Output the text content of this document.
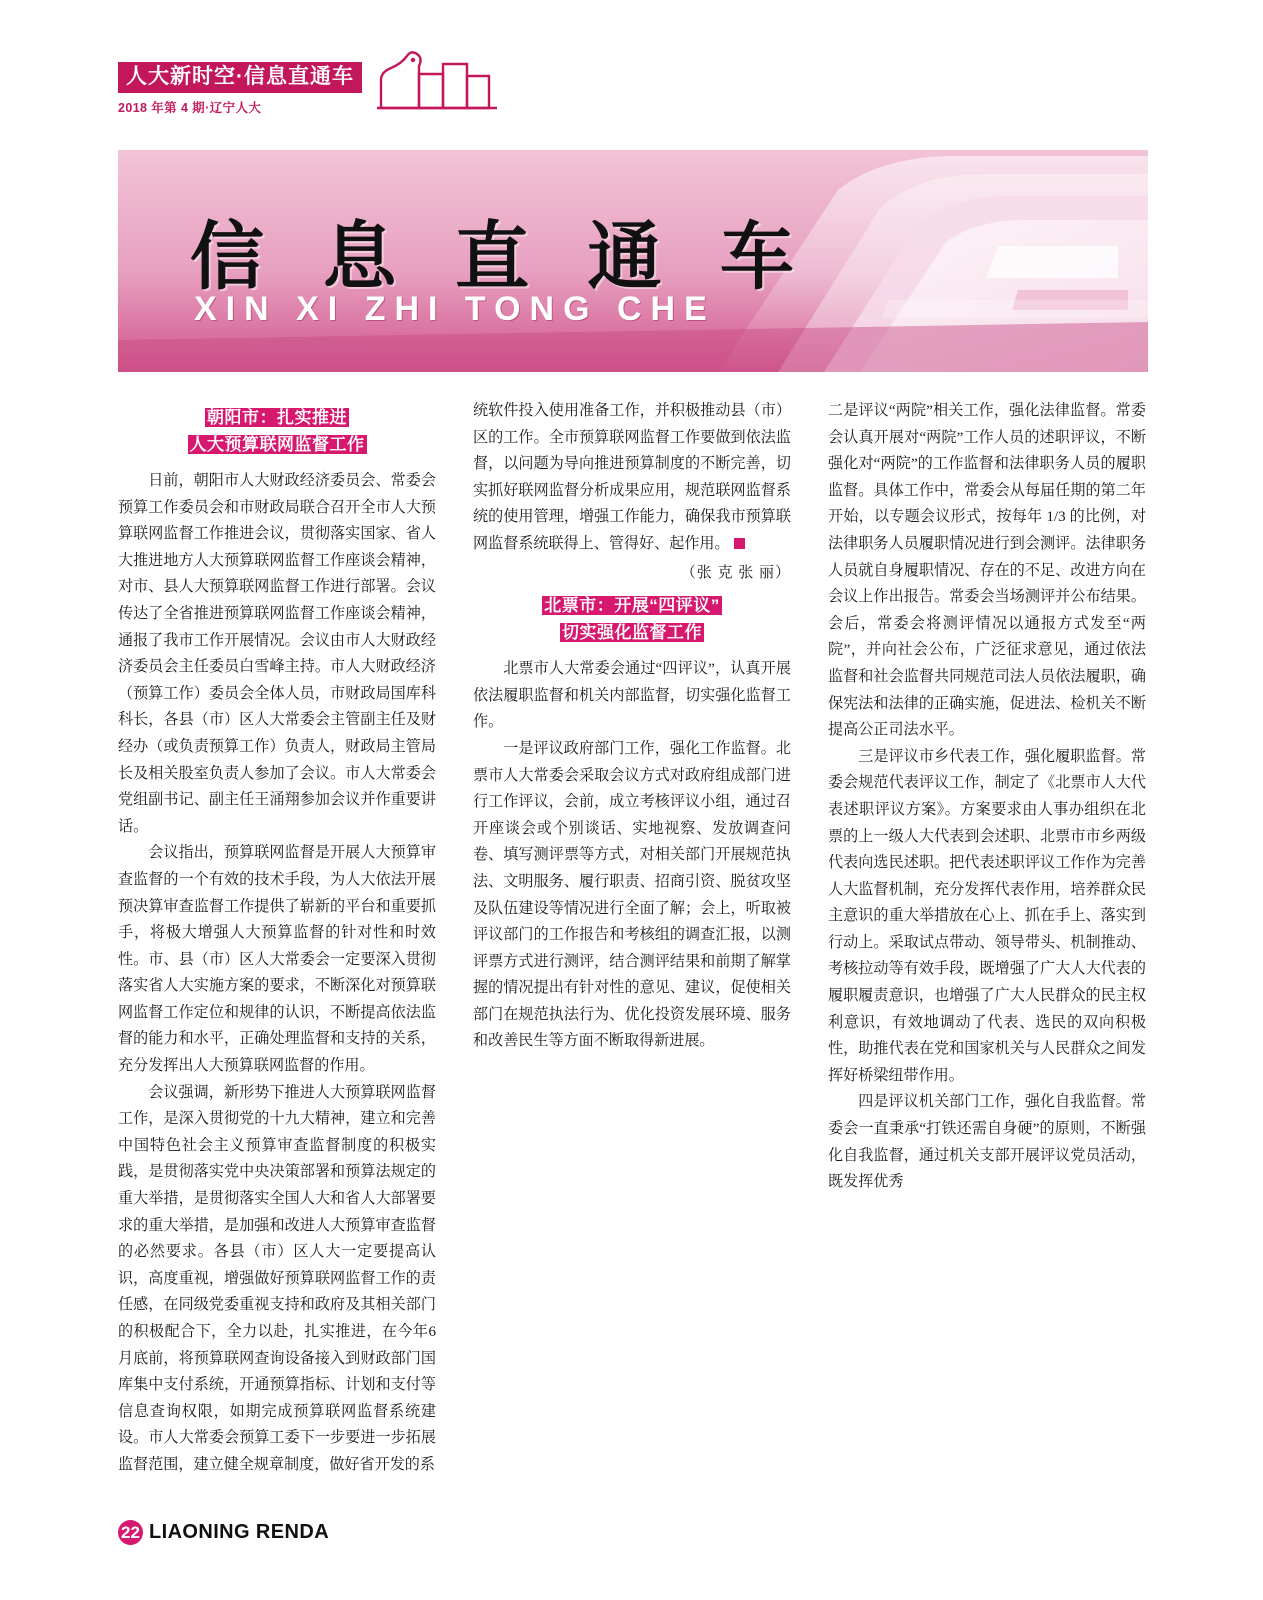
人大新时空·信息直通车
2018 年第 4 期·辽宁人大
信 息 直 通 车
XIN XI ZHI TONG CHE
朝阳市：扎实推进
人大预算联网监督工作

日前，朝阳市人大财政经济委员会、常委会预算工作委员会和市财政局联合召开全市人大预算联网监督工作推进会议，贯彻落实国家、省人大推进地方人大预算联网监督工作座谈会精神，对市、县人大预算联网监督工作进行部署。会议传达了全省推进预算联网监督工作座谈会精神，通报了我市工作开展情况。会议由市人大财政经济委员会主任委员白雪峰主持。市人大财政经济（预算工作）委员会全体人员，市财政局国库科科长，各县（市）区人大常委会主管副主任及财经办（或负责预算工作）负责人，财政局主管局长及相关股室负责人参加了会议。市人大常委会党组副书记、副主任王涌翔参加会议并作重要讲话。

会议指出，预算联网监督是开展人大预算审查监督的一个有效的技术手段，为人大依法开展预决算审查监督工作提供了崭新的平台和重要抓手，将极大增强人大预算监督的针对性和时效性。市、县（市）区人大常委会一定要深入贯彻落实省人大实施方案的要求，不断深化对预算联网监督工作定位和规律的认识，不断提高依法监督的能力和水平，正确处理监督和支持的关系，充分发挥出人大预算联网监督的作用。

会议强调，新形势下推进人大预算联网监督工作，是深入贯彻党的十九大精神，建立和完善中国特色社会主义预算审查监督制度的积极实践，是贯彻落实党中央决策部署和预算法规定的重大举措，是贯彻落实全国人大和省人大部署要求的重大举措，是加强和改进人大预算审查监督的必然要求。各县（市）区人大一定要提高认识，高度重视，增强做好预算联网监督工作的责任感，在同级党委重视支持和政府及其相关部门的积极配合下，全力以赴，扎实推进，在今年6月底前，将预算联网查询设备接入到财政部门国库集中支付系统，开通预算指标、计划和支付等信息查询权限，如期完成预算联网监督系统建设。市人大常委会预算工委下一步要进一步拓展监督范围，建立健全规章制度，做好省开发的系

统软件投入使用准备工作，并积极推动县（市）区的工作。全市预算联网监督工作要做到依法监督，以问题为导向推进预算制度的不断完善，切实抓好联网监督分析成果应用，规范联网监督系统的使用管理，增强工作能力，确保我市预算联网监督系统联得上、管得好、起作用。

（张 克 张 丽）
北票市：开展“四评议”
切实强化监督工作

北票市人大常委会通过“四评议”，认真开展依法履职监督和机关内部监督，切实强化监督工作。

一是评议政府部门工作，强化工作监督。北票市人大常委会采取会议方式对政府组成部门进行工作评议，会前，成立考核评议小组，通过召开座谈会或个别谈话、实地视察、发放调查问卷、填写测评票等方式，对相关部门开展规范执法、文明服务、履行职责、招商引资、脱贫攻坚及队伍建设等情况进行全面了解；会上，听取被评议部门的工作报告和考核组的调查汇报，以测评票方式进行测评，结合测评结果和前期了解掌握的情况提出有针对性的意见、建议，促使相关部门在规范执法行为、优化投资发展环境、服务和改善民生等方面不断取得新进展。

二是评议“两院”相关工作，强化法律监督。常委会认真开展对“两院”工作人员的述职评议，不断强化对“两院”的工作监督和法律职务人员的履职监督。具体工作中，常委会从每届任期的第二年开始，以专题会议形式，按每年 1/3 的比例，对法律职务人员履职情况进行到会测评。法律职务人员就自身履职情况、存在的不足、改进方向在会议上作出报告。常委会当场测评并公布结果。会后，常委会将测评情况以通报方式发至“两院”，并向社会公布，广泛征求意见，通过依法监督和社会监督共同规范司法人员依法履职，确保宪法和法律的正确实施，促进法、检机关不断提高公正司法水平。

三是评议市乡代表工作，强化履职监督。常委会规范代表评议工作，制定了《北票市人大代表述职评议方案》。方案要求由人事办组织在北票的上一级人大代表到会述职、北票市市乡两级代表向选民述职。把代表述职评议工作作为完善人大监督机制，充分发挥代表作用，培养群众民主意识的重大举措放在心上、抓在手上、落实到行动上。采取试点带动、领导带头、机制推动、考核拉动等有效手段，既增强了广大人大代表的履职履责意识，也增强了广大人民群众的民主权利意识，有效地调动了代表、选民的双向积极性，助推代表在党和国家机关与人民群众之间发挥好桥梁纽带作用。

四是评议机关部门工作，强化自我监督。常委会一直秉承“打铁还需自身硬”的原则，不断强化自我监督，通过机关支部开展评议党员活动，既发挥优秀

22 LIAONING RENDA
